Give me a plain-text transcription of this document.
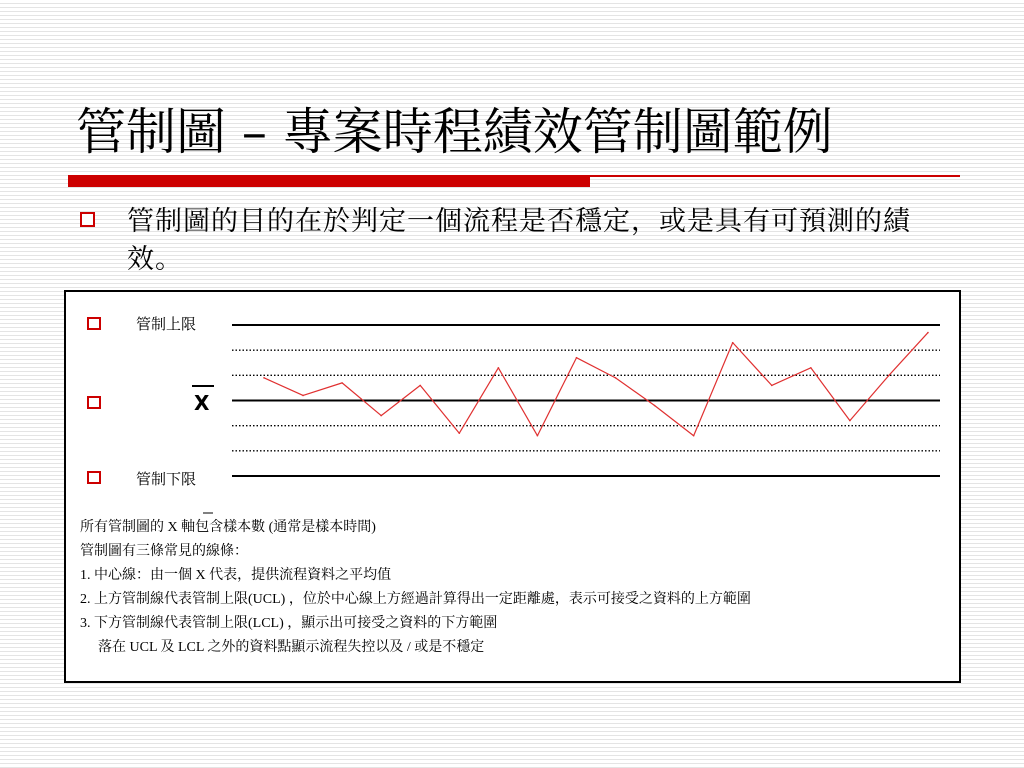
管制圖 – 專案時程績效管制圖範例
管制圖的目的在於判定一個流程是否穩定，或是具有可預測的績效。
管制上限
X
管制下限
所有管制圖的 X 軸包含樣本數 (通常是樣本時間)
管制圖有三條常見的線條：
1. 中心線：由一個 X 代表，提供流程資料之平均值
2. 上方管制線代表管制上限(UCL) ，位於中心線上方經過計算得出一定距離處，表示可接受之資料的上方範圍
3. 下方管制線代表管制上限(LCL) ，顯示出可接受之資料的下方範圍
落在 UCL 及 LCL 之外的資料點顯示流程失控以及 / 或是不穩定
